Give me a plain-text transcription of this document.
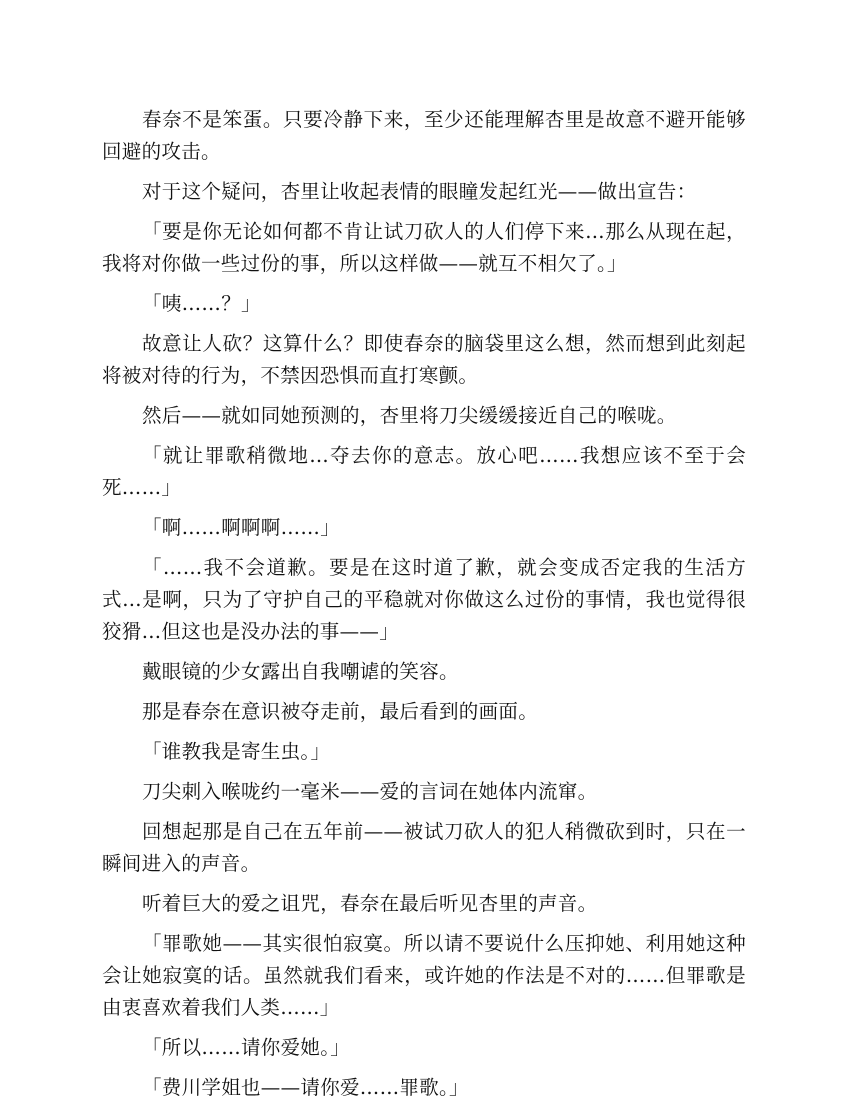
春奈不是笨蛋。只要冷静下来，至少还能理解杏里是故意不避开能够回避的攻击。

对于这个疑问，杏里让收起表情的眼瞳发起红光——做出宣告：

「要是你无论如何都不肯让试刀砍人的人们停下来…那么从现在起，我将对你做一些过份的事，所以这样做——就互不相欠了。」

「咦……？」

故意让人砍？这算什么？即使春奈的脑袋里这么想，然而想到此刻起将被对待的行为，不禁因恐惧而直打寒颤。

然后——就如同她预测的，杏里将刀尖缓缓接近自己的喉咙。

「就让罪歌稍微地…夺去你的意志。放心吧……我想应该不至于会死……」

「啊……啊啊啊……」

「……我不会道歉。要是在这时道了歉，就会变成否定我的生活方式…是啊，只为了守护自己的平稳就对你做这么过份的事情，我也觉得很狡猾…但这也是没办法的事——」

戴眼镜的少女露出自我嘲谑的笑容。

那是春奈在意识被夺走前，最后看到的画面。

「谁教我是寄生虫。」

刀尖刺入喉咙约一毫米——爱的言词在她体内流窜。

回想起那是自己在五年前——被试刀砍人的犯人稍微砍到时，只在一瞬间进入的声音。

听着巨大的爱之诅咒，春奈在最后听见杏里的声音。

「罪歌她——其实很怕寂寞。所以请不要说什么压抑她、利用她这种会让她寂寞的话。虽然就我们看来，或许她的作法是不对的……但罪歌是由衷喜欢着我们人类……」

「所以……请你爱她。」

「费川学姐也——请你爱……罪歌。」
